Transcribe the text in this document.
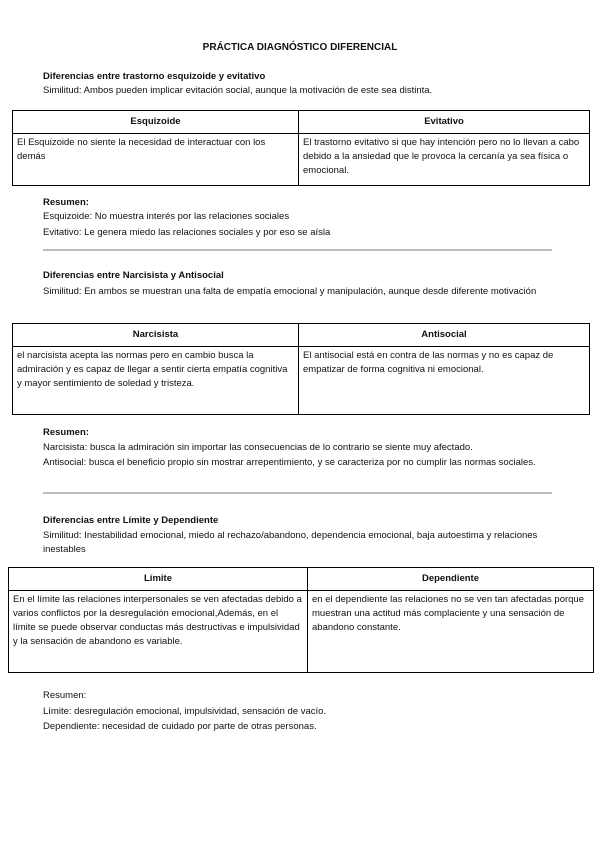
PRÁCTICA DIAGNÓSTICO DIFERENCIAL
Diferencias entre trastorno esquizoide y evitativo
Similitud: Ambos pueden implicar evitación social, aunque la motivación de este sea distinta.
Esquizoide	Evitativo
El Esquizoide no siente la necesidad de interactuar con los demás	El trastorno evitativo si que hay intención pero no lo llevan a cabo debido a la ansiedad que le provoca la cercanía ya sea física o emocional.
Resumen:
Esquizoide: No muestra interés por las relaciones sociales
Evitativo: Le genera miedo las relaciones sociales y por eso se aísla
Diferencias entre Narcisista y Antisocial
Similitud: En ambos se muestran una falta de empatía emocional y manipulación, aunque desde diferente motivación
Narcisista	Antisocial
el narcisista acepta las normas pero en cambio busca la admiración y es capaz de llegar a sentir cierta empatía cognitiva y mayor sentimiento de soledad y tristeza.	El antisocial está en contra de las normas y no es capaz de empatizar de forma cognitiva ni emocional.
Resumen:
Narcisista: busca la admiración sin importar las consecuencias de lo contrario se siente muy afectado.
Antisocial: busca el beneficio propio sin mostrar arrepentimiento, y se caracteriza por no cumplir las normas sociales.
Diferencias entre Límite y Dependiente
Similitud: Inestabilidad emocional, miedo al rechazo/abandono, dependencia emocional, baja autoestima y relaciones inestables
Límite	Dependiente
En el límite las relaciones interpersonales se ven afectadas debido a varios conflictos por la desregulación emocional,Además, en el límite se puede observar conductas más destructivas e impulsividad y la sensación de abandono es variable.	en el dependiente las relaciones no se ven tan afectadas porque muestran una actitud más complaciente y una sensación de abandono constante.
Resumen:
Límite: desregulación emocional, impulsividad, sensación de vacío.
Dependiente: necesidad de cuidado por parte de otras personas.
